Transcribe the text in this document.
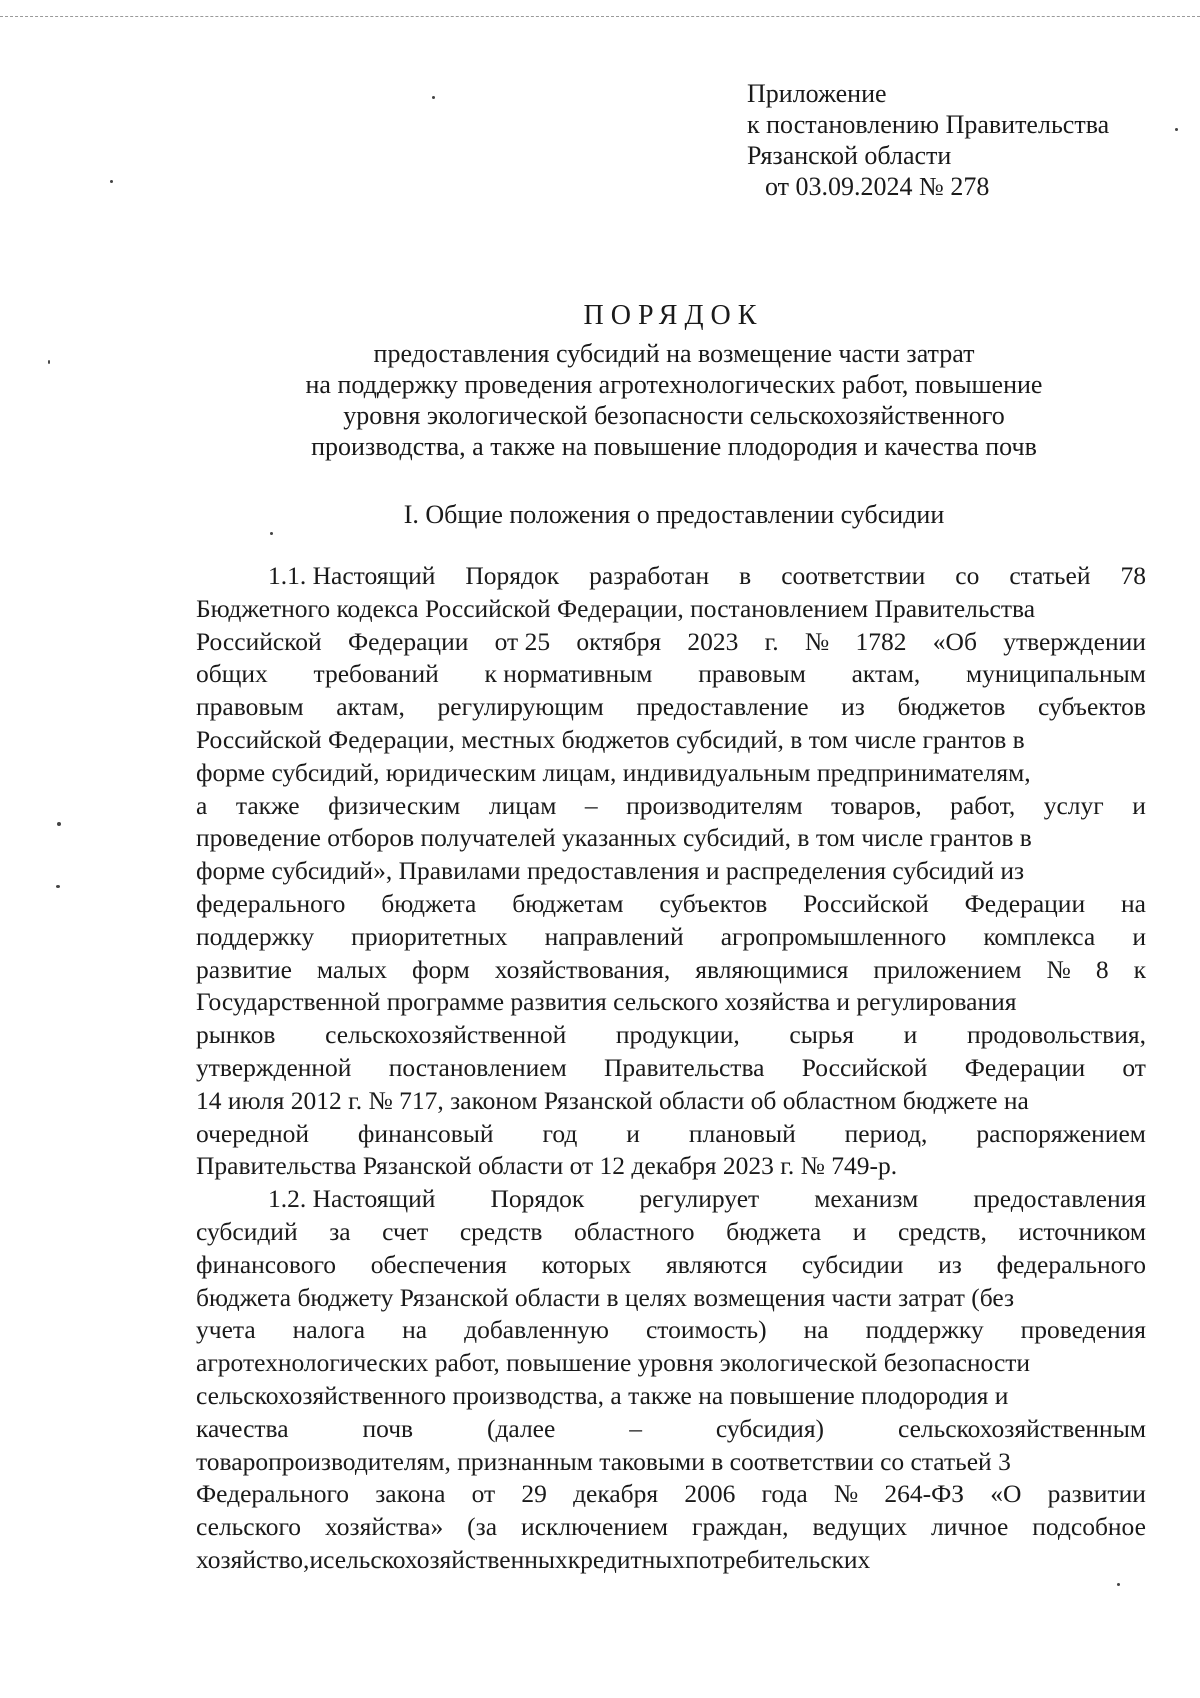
Приложение
к постановлению Правительства
Рязанской области
от 03.09.2024 № 278
ПОРЯДОК
предоставления субсидий на возмещение части затрат
на поддержку проведения агротехнологических работ, повышение
уровня экологической безопасности сельскохозяйственного
производства, а также на повышение плодородия и качества почв
I. Общие положения о предоставлении субсидии
1.1. Настоящий Порядок разработан в соответствии со статьей 78
Бюджетного кодекса Российской Федерации, постановлением Правительства
Российской Федерации от 25 октября 2023 г. № 1782 «Об утверждении
общих требований к нормативным правовым актам, муниципальным
правовым актам, регулирующим предоставление из бюджетов субъектов
Российской Федерации, местных бюджетов субсидий, в том числе грантов в
форме субсидий, юридическим лицам, индивидуальным предпринимателям,
а также физическим лицам – производителям товаров, работ, услуг и
проведение отборов получателей указанных субсидий, в том числе грантов в
форме субсидий», Правилами предоставления и распределения субсидий из
федерального бюджета бюджетам субъектов Российской Федерации на
поддержку приоритетных направлений агропромышленного комплекса и
развитие малых форм хозяйствования, являющимися приложением № 8 к
Государственной программе развития сельского хозяйства и регулирования
рынков сельскохозяйственной продукции, сырья и продовольствия,
утвержденной постановлением Правительства Российской Федерации от
14 июля 2012 г. № 717, законом Рязанской области об областном бюджете на
очередной финансовый год и плановый период, распоряжением
Правительства Рязанской области от 12 декабря 2023 г. № 749-р.
1.2. Настоящий Порядок регулирует механизм предоставления
субсидий за счет средств областного бюджета и средств, источником
финансового обеспечения которых являются субсидии из федерального
бюджета бюджету Рязанской области в целях возмещения части затрат (без
учета налога на добавленную стоимость) на поддержку проведения
агротехнологических работ, повышение уровня экологической безопасности
сельскохозяйственного производства, а также на повышение плодородия и
качества	почв	(далее	–	субсидия)	сельскохозяйственным
товаропроизводителям, признанным таковыми в соответствии со статьей 3
Федерального закона от 29 декабря 2006 года № 264-ФЗ «О развитии
сельского хозяйства» (за исключением граждан, ведущих личное подсобное
хозяйство, и сельскохозяйственных кредитных потребительских
